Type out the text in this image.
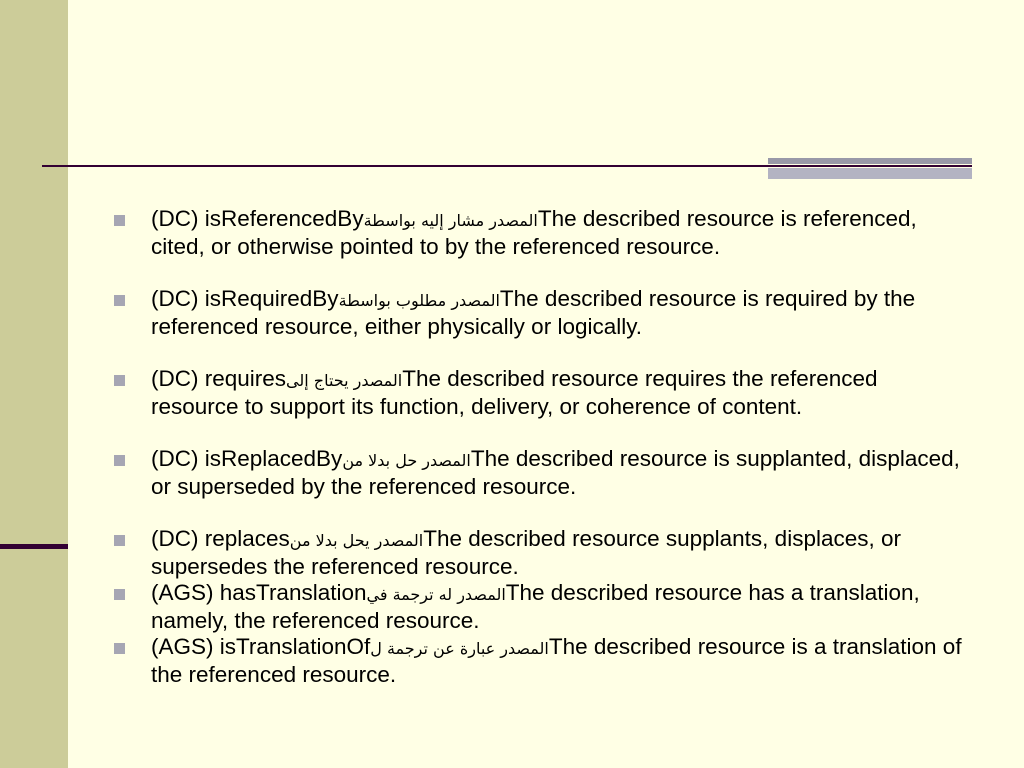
(DC) isReferencedByالمصدر مشار إليه بواسطةThe described resource is referenced, cited, or otherwise pointed to by the referenced resource.
(DC) isRequiredByالمصدر مطلوب بواسطةThe described resource is required by the referenced resource, either physically or logically.
(DC) requiresالمصدر يحتاج إلىThe described resource requires the referenced resource to support its function, delivery, or coherence of content.
(DC) isReplacedByالمصدر حل بدلا منThe described resource is supplanted, displaced, or superseded by the referenced resource.
(DC) replacesالمصدر يحل بدلا منThe described resource supplants, displaces, or supersedes the referenced resource.
(AGS) hasTranslationالمصدر له ترجمة فيThe described resource has a translation, namely, the referenced resource.
(AGS) isTranslationOfالمصدر عبارة عن ترجمة لThe described resource is a translation of the referenced resource.
